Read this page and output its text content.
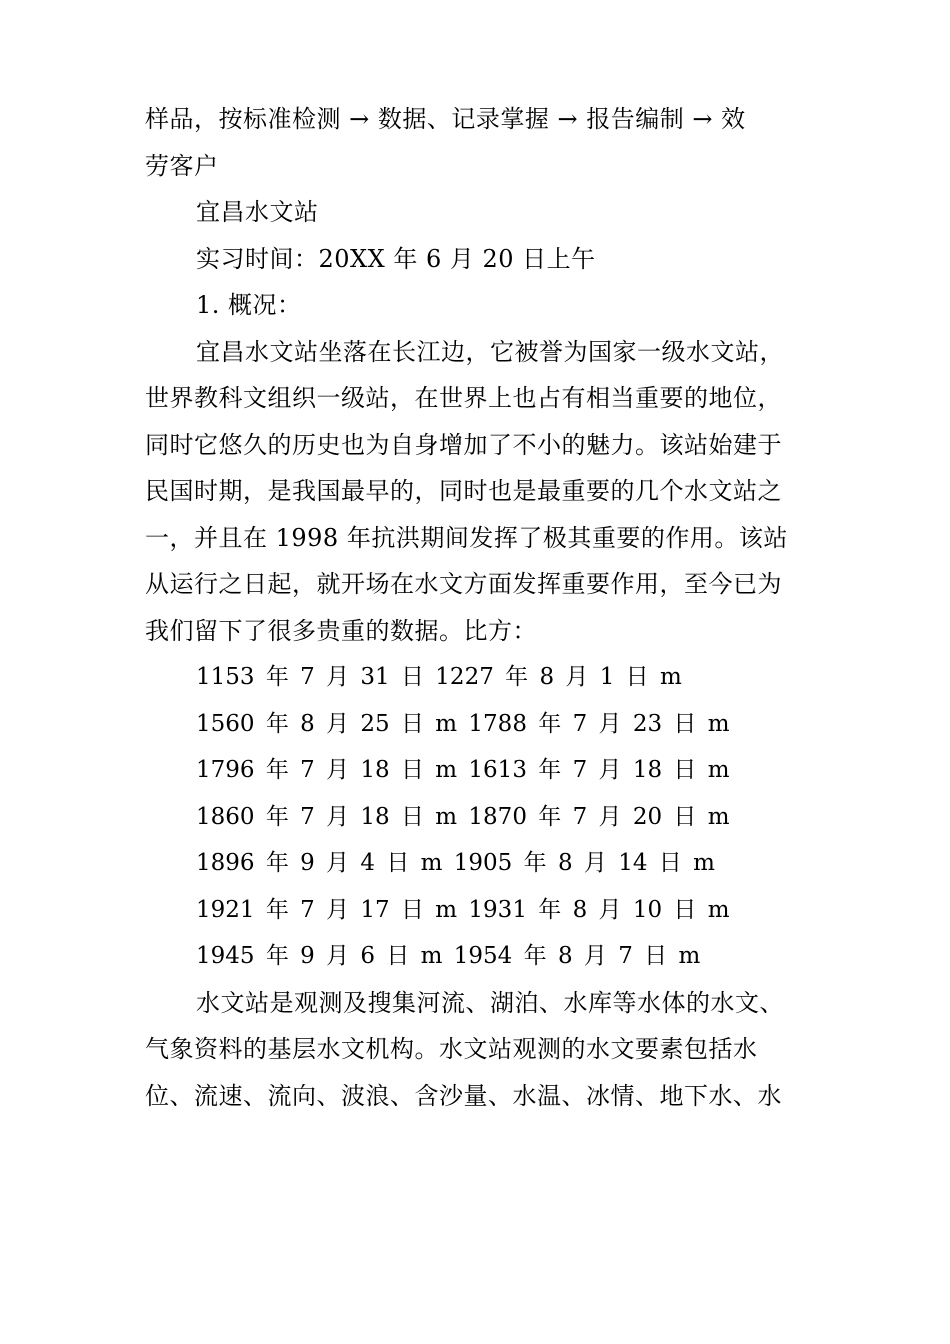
样品，按标准检测 → 数据、记录掌握 → 报告编制 → 效
劳客户
宜昌水文站
实习时间：20XX 年 6 月 20 日上午
1. 概况：
宜昌水文站坐落在长江边，它被誉为国家一级水文站，
世界教科文组织一级站，在世界上也占有相当重要的地位，
同时它悠久的历史也为自身增加了不小的魅力。该站始建于
民国时期，是我国最早的，同时也是最重要的几个水文站之
一，并且在 1998 年抗洪期间发挥了极其重要的作用。该站
从运行之日起，就开场在水文方面发挥重要作用，至今已为
我们留下了很多贵重的数据。比方：
1153 年 7 月 31 日 1227 年 8 月 1 日 m
1560 年 8 月 25 日 m 1788 年 7 月 23 日 m
1796 年 7 月 18 日 m 1613 年 7 月 18 日 m
1860 年 7 月 18 日 m 1870 年 7 月 20 日 m
1896 年 9 月 4 日 m 1905 年 8 月 14 日 m
1921 年 7 月 17 日 m 1931 年 8 月 10 日 m
1945 年 9 月 6 日 m 1954 年 8 月 7 日 m
水文站是观测及搜集河流、湖泊、水库等水体的水文、
气象资料的基层水文机构。水文站观测的水文要素包括水
位、流速、流向、波浪、含沙量、水温、冰情、地下水、水
